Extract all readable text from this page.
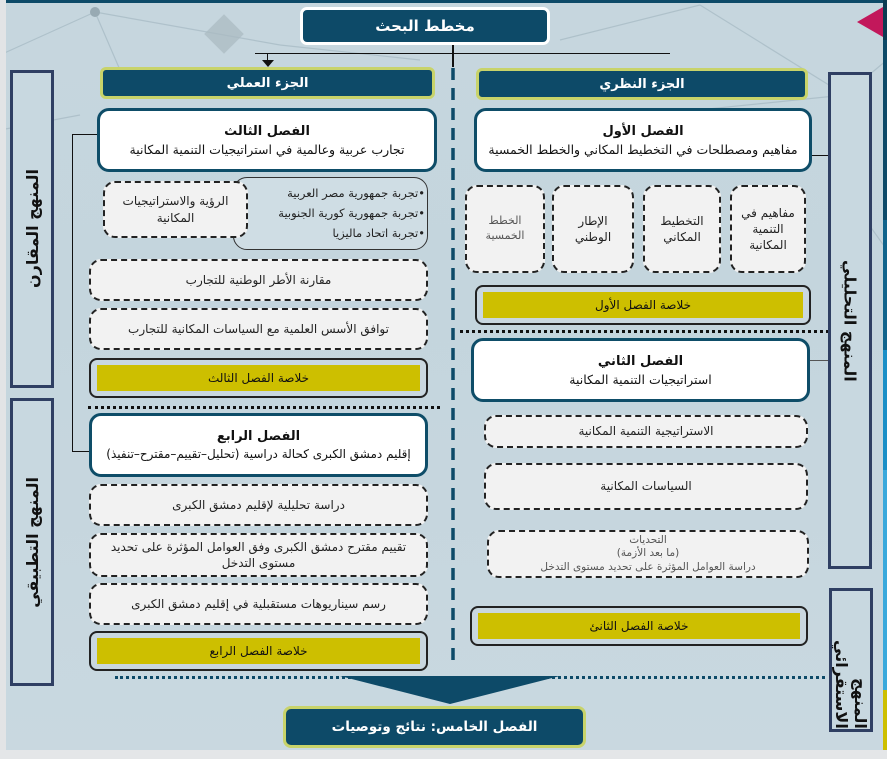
مخطط البحث
الجزء النظري
الجزء العملي
الفصل الأول
مفاهيم ومصطلحات في التخطيط المكاني والخطط الخمسية
مفاهيم في التنمية المكانية
التخطيط المكاني
الإطار الوطني
الخطط الخمسية
خلاصة الفصل الأول
الفصل الثاني
استراتيجيات التنمية المكانية
الاستراتيجية التنمية المكانية
السياسات المكانية
التحديات
(ما بعد الأزمة)
دراسة العوامل المؤثرة على تحديد مستوى التدخل
خلاصة الفصل الثانئ
الفصل الثالث
تجارب عربية وعالمية في استراتيجيات التنمية المكانية
•تجربة جمهورية مصر العربية
•تجربة جمهورية كورية الجنوبية
•تجربة اتحاد ماليزيا
الرؤية والاستراتيجيات المكانية
مقارنة الأطر الوطنية للتجارب
توافق الأسس العلمية مع السياسات المكانية للتجارب
خلاصة الفصل الثالث
الفصل الرابع
إقليم دمشق الكبرى كحالة دراسية (تحليل–تقييم–مقترح–تنفيذ)
دراسة تحليلية لإقليم دمشق الكبرى
تقييم مقترح دمشق الكبرى وفق العوامل المؤثرة على تحديد مستوى التدخل
رسم سيناريوهات مستقبلية في إقليم دمشق الكبرى
خلاصة الفصل الرابع
الفصل الخامس: نتائج وتوصيات
المنهج التحليلي
المنهج الاستقرائي
المنهج المقارن
المنهج التطبيقي
